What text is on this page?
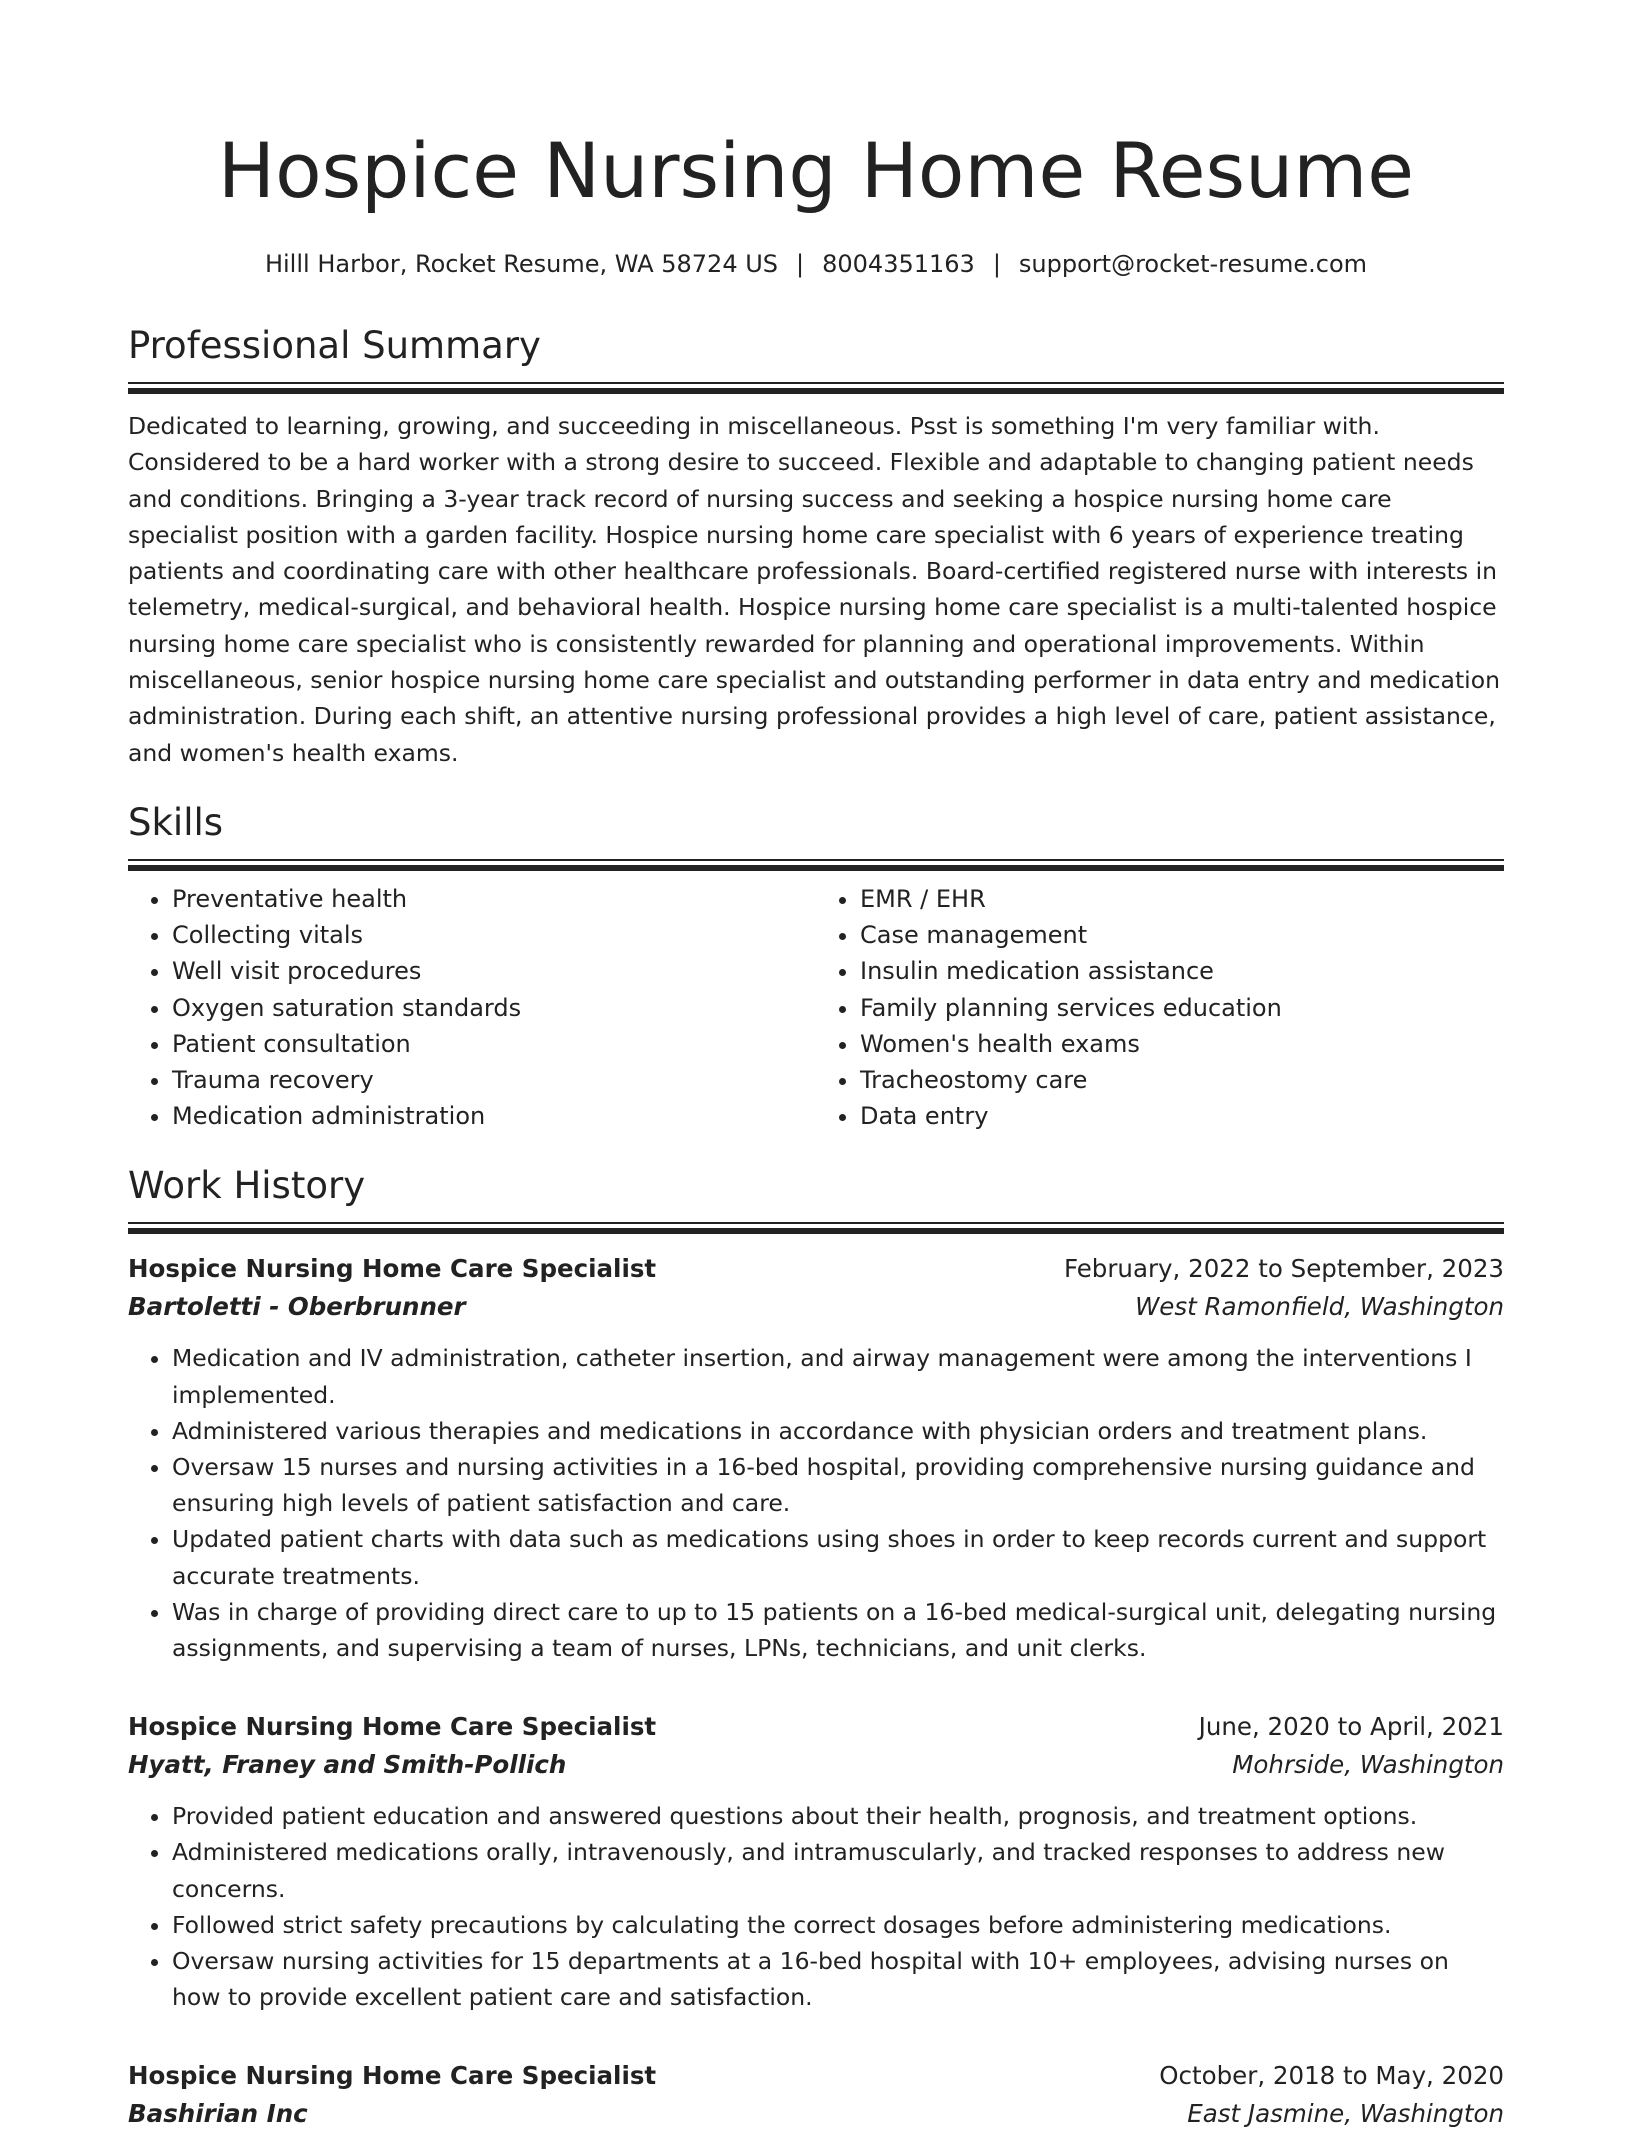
Hospice Nursing Home Resume
Hilll Harbor, Rocket Resume, WA 58724 US | 8004351163 | support@rocket-resume.com
Professional Summary
Dedicated to learning, growing, and succeeding in miscellaneous. Psst is something I'm very familiar with. Considered to be a hard worker with a strong desire to succeed. Flexible and adaptable to changing patient needs and conditions. Bringing a 3-year track record of nursing success and seeking a hospice nursing home care specialist position with a garden facility. Hospice nursing home care specialist with 6 years of experience treating patients and coordinating care with other healthcare professionals. Board-certified registered nurse with interests in telemetry, medical-surgical, and behavioral health. Hospice nursing home care specialist is a multi-talented hospice nursing home care specialist who is consistently rewarded for planning and operational improvements. Within miscellaneous, senior hospice nursing home care specialist and outstanding performer in data entry and medication administration. During each shift, an attentive nursing professional provides a high level of care, patient assistance, and women's health exams.
Skills
• Preventative health
• Collecting vitals
• Well visit procedures
• Oxygen saturation standards
• Patient consultation
• Trauma recovery
• Medication administration
• EMR / EHR
• Case management
• Insulin medication assistance
• Family planning services education
• Women's health exams
• Tracheostomy care
• Data entry
Work History
Hospice Nursing Home Care Specialist	February, 2022 to September, 2023
Bartoletti - Oberbrunner	West Ramonfield, Washington
• Medication and IV administration, catheter insertion, and airway management were among the interventions I implemented.
• Administered various therapies and medications in accordance with physician orders and treatment plans.
• Oversaw 15 nurses and nursing activities in a 16-bed hospital, providing comprehensive nursing guidance and ensuring high levels of patient satisfaction and care.
• Updated patient charts with data such as medications using shoes in order to keep records current and support accurate treatments.
• Was in charge of providing direct care to up to 15 patients on a 16-bed medical-surgical unit, delegating nursing assignments, and supervising a team of nurses, LPNs, technicians, and unit clerks.
Hospice Nursing Home Care Specialist	June, 2020 to April, 2021
Hyatt, Franey and Smith-Pollich	Mohrside, Washington
• Provided patient education and answered questions about their health, prognosis, and treatment options.
• Administered medications orally, intravenously, and intramuscularly, and tracked responses to address new concerns.
• Followed strict safety precautions by calculating the correct dosages before administering medications.
• Oversaw nursing activities for 15 departments at a 16-bed hospital with 10+ employees, advising nurses on how to provide excellent patient care and satisfaction.
Hospice Nursing Home Care Specialist	October, 2018 to May, 2020
Bashirian Inc	East Jasmine, Washington
